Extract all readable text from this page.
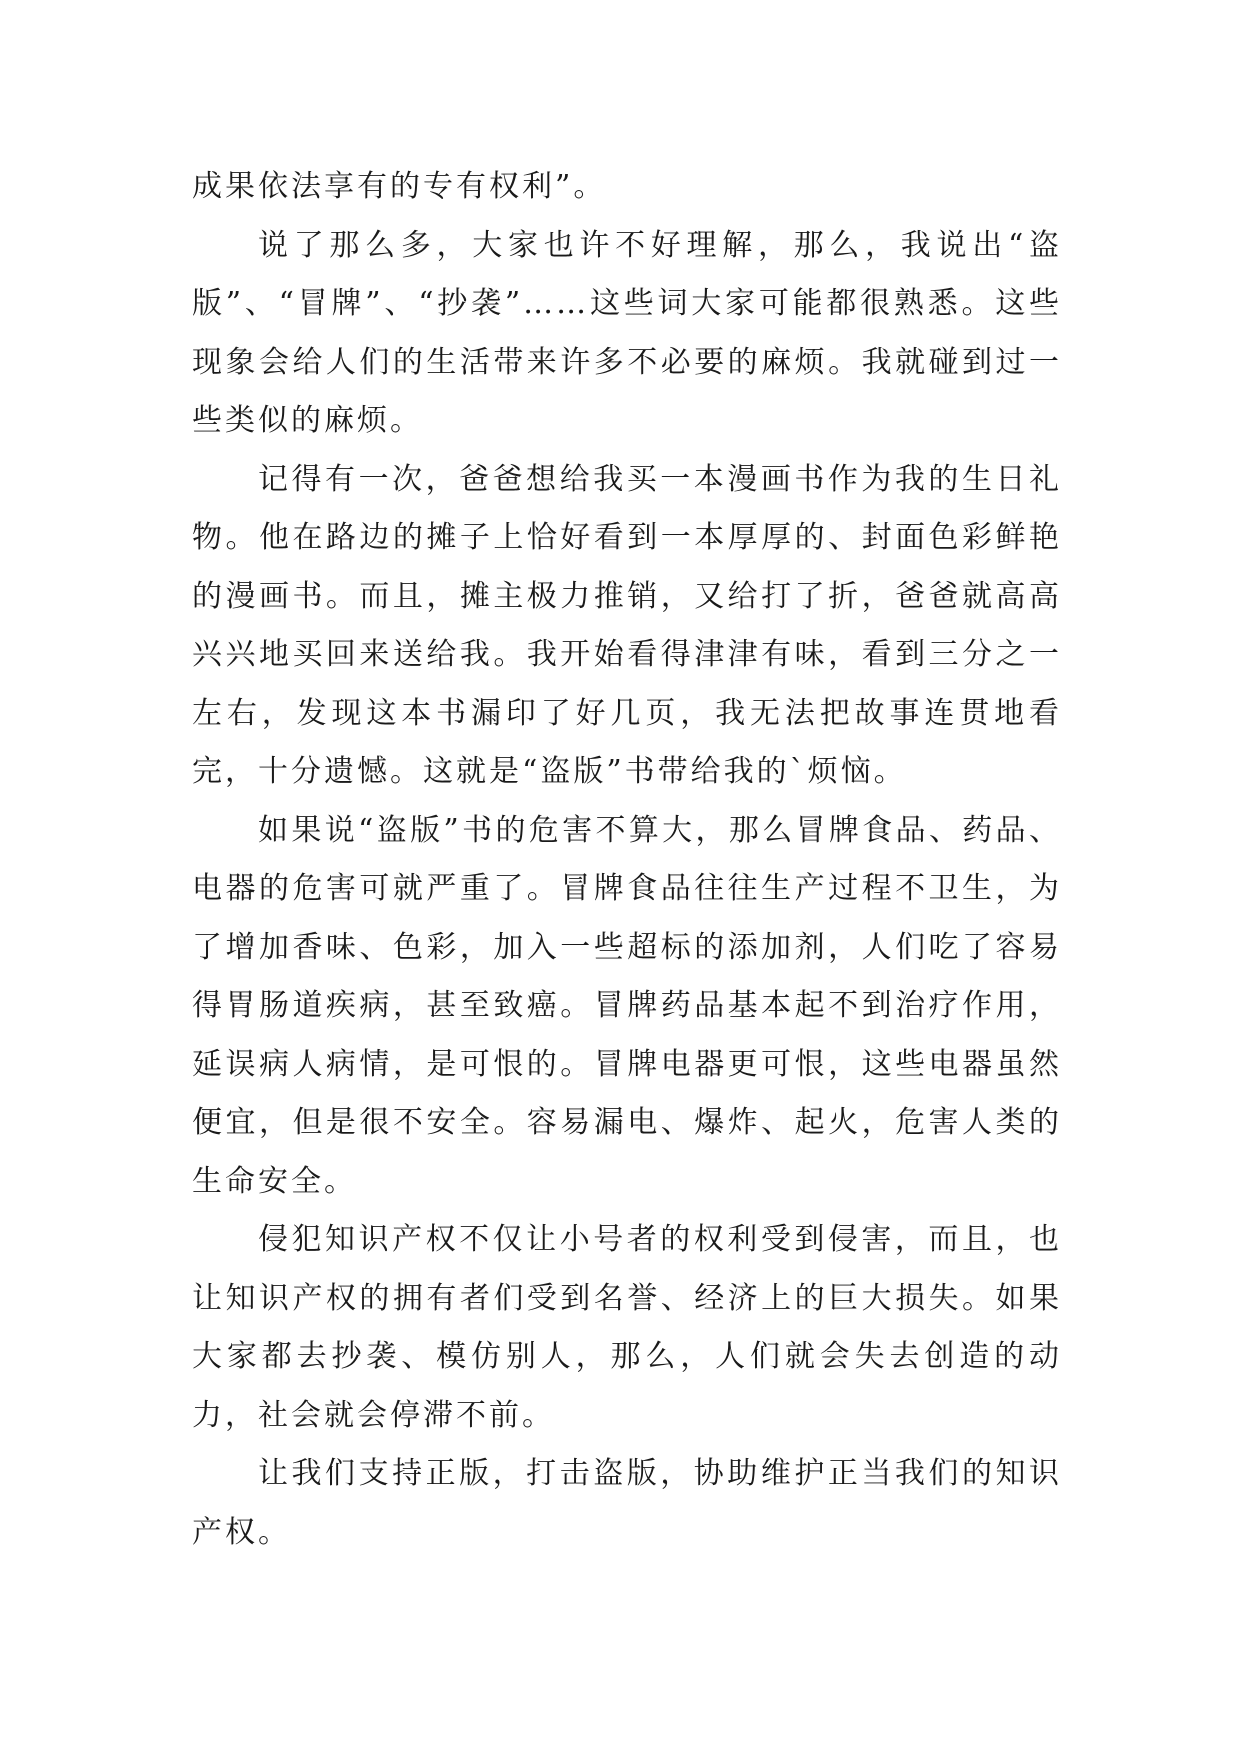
成果依法享有的专有权利”。

说了那么多，大家也许不好理解，那么，我说出“盗版”、“冒牌”、“抄袭”……这些词大家可能都很熟悉。这些现象会给人们的生活带来许多不必要的麻烦。我就碰到过一些类似的麻烦。

记得有一次，爸爸想给我买一本漫画书作为我的生日礼物。他在路边的摊子上恰好看到一本厚厚的、封面色彩鲜艳的漫画书。而且，摊主极力推销，又给打了折，爸爸就高高兴兴地买回来送给我。我开始看得津津有味，看到三分之一左右，发现这本书漏印了好几页，我无法把故事连贯地看完，十分遗憾。这就是“盗版”书带给我的`烦恼。

如果说“盗版”书的危害不算大，那么冒牌食品、药品、电器的危害可就严重了。冒牌食品往往生产过程不卫生，为了增加香味、色彩，加入一些超标的添加剂，人们吃了容易得胃肠道疾病，甚至致癌。冒牌药品基本起不到治疗作用，延误病人病情，是可恨的。冒牌电器更可恨，这些电器虽然便宜，但是很不安全。容易漏电、爆炸、起火，危害人类的生命安全。

侵犯知识产权不仅让小号者的权利受到侵害，而且，也让知识产权的拥有者们受到名誉、经济上的巨大损失。如果大家都去抄袭、模仿别人，那么，人们就会失去创造的动力，社会就会停滞不前。

让我们支持正版，打击盗版，协助维护正当我们的知识产权。
